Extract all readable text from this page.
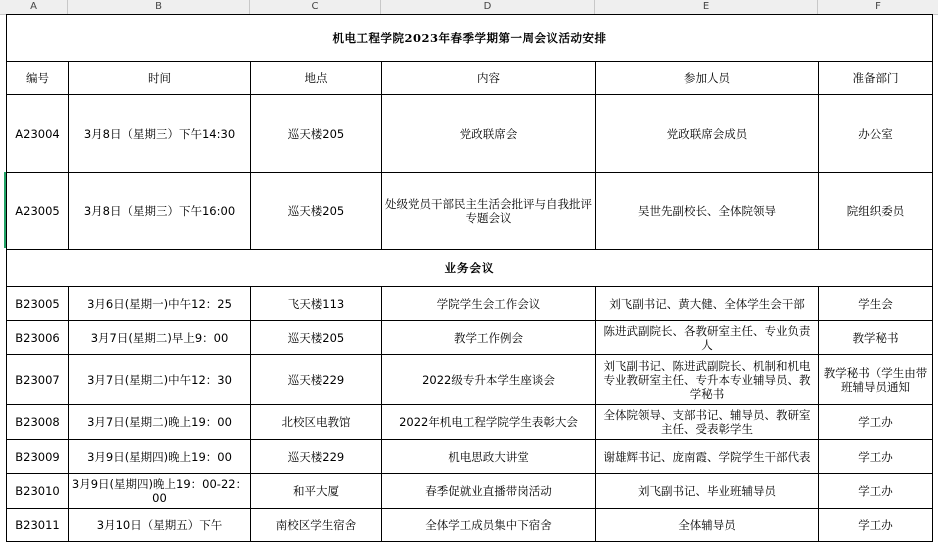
A	B	C	D	E	F
机电工程学院2023年春季学期第一周会议活动安排					
编号	时间	地点	内容	参加人员	准备部门
A23004	3月8日（星期三）下午14:30	巡天楼205	党政联席会	党政联席会成员	办公室
A23005	3月8日（星期三）下午16:00	巡天楼205	处级党员干部民主生活会批评与自我批评专题会议	吴世先副校长、全体院领导	院组织委员
业务会议					
B23005	3月6日(星期一)中午12：25	飞天楼113	学院学生会工作会议	刘飞副书记、黄大健、全体学生会干部	学生会
B23006	3月7日(星期二)早上9：00	巡天楼205	教学工作例会	陈进武副院长、各教研室主任、专业负责人	教学秘书
B23007	3月7日(星期二)中午12：30	巡天楼229	2022级专升本学生座谈会	刘飞副书记、陈进武副院长、机制和机电专业教研室主任、专升本专业辅导员、教学秘书	教学秘书（学生由带班辅导员通知
B23008	3月7日(星期二)晚上19：00	北校区电教馆	2022年机电工程学院学生表彰大会	全体院领导、支部书记、辅导员、教研室主任、受表彰学生	学工办
B23009	3月9日(星期四)晚上19：00	巡天楼229	机电思政大讲堂	谢雄辉书记、庞南霞、学院学生干部代表	学工办
B23010	3月9日(星期四)晚上19：00-22：00	和平大厦	春季促就业直播带岗活动	刘飞副书记、毕业班辅导员	学工办
B23011	3月10日（星期五）下午	南校区学生宿舍	全体学工成员集中下宿舍	全体辅导员	学工办
